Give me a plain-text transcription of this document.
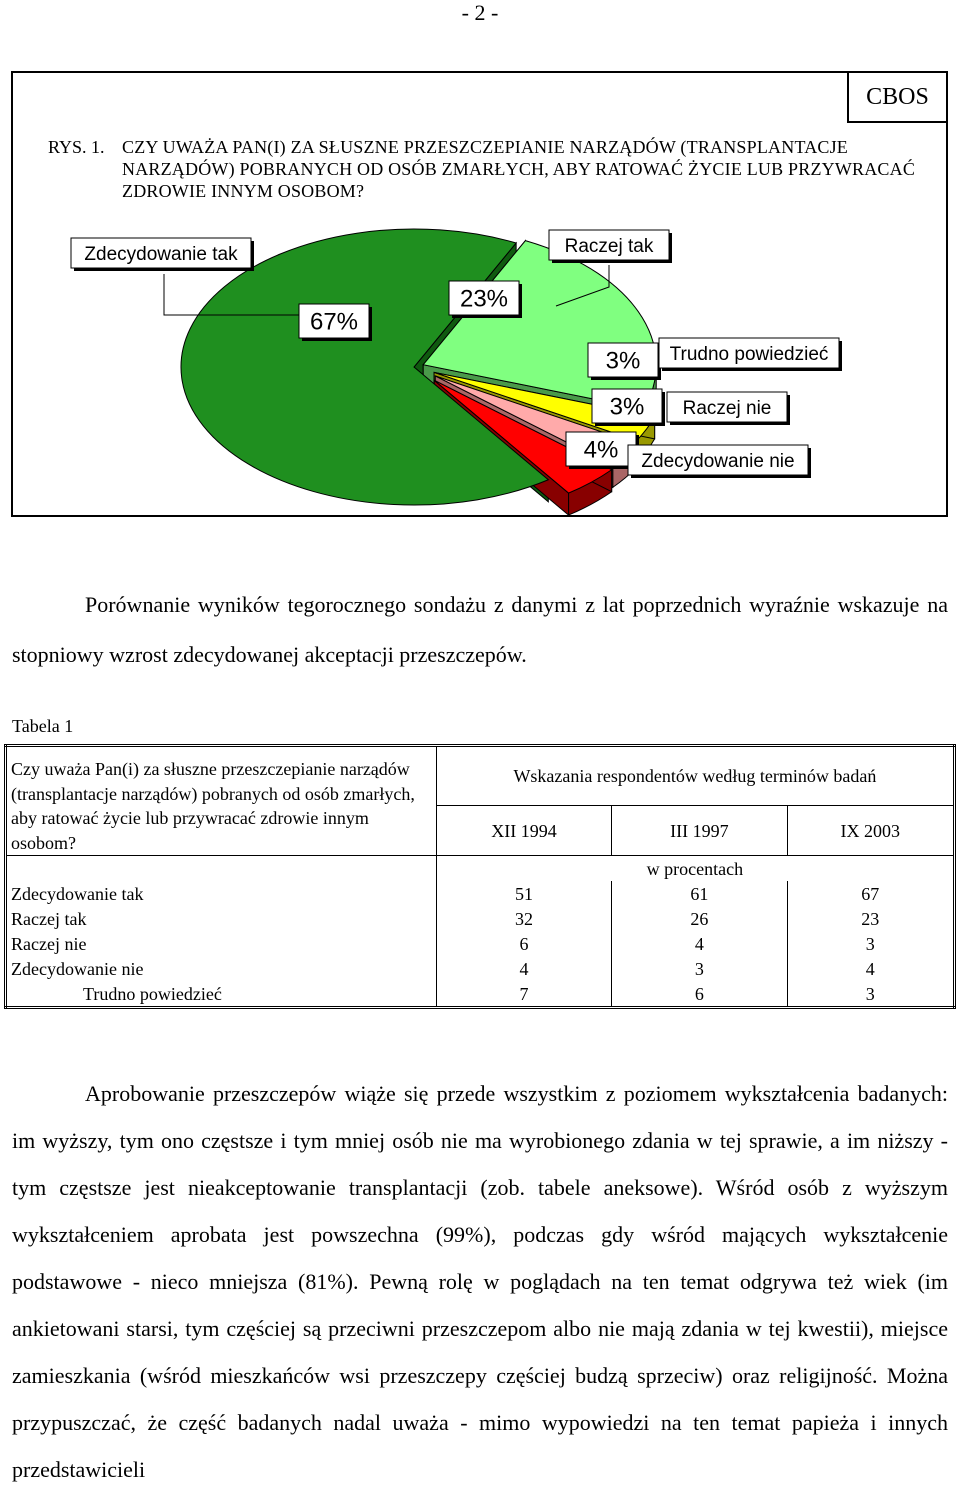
- 2 -
CBOS
RYS. 1. CZY UWAŻA PAN(I) ZA SŁUSZNE PRZESZCZEPIANIE NARZĄDÓW (TRANSPLANTACJE NARZĄDÓW) POBRANYCH OD OSÓB ZMARŁYCH, ABY RATOWAĆ ŻYCIE LUB PRZYWRACAĆ ZDROWIE INNYM OSOBOM?
67%
Zdecydowanie tak
23%
Raczej tak
3% Trudno powiedzieć
3% Raczej nie
4% Zdecydowanie nie
Porównanie wyników tegorocznego sondażu z danymi z lat poprzednich wyraźnie wskazuje na stopniowy wzrost zdecydowanej akceptacji przeszczepów.
Tabela 1
Czy uważa Pan(i) za słuszne przeszczepianie narządów (transplantacje narządów) pobranych od osób zmarłych, aby ratować życie lub przywracać zdrowie innym osobom?	Wskazania respondentów według terminów badań		
	XII 1994	III 1997	IX 2003
	w procentach		
Zdecydowanie tak	51	61	67
Raczej tak	32	26	23
Raczej nie	6	4	3
Zdecydowanie nie	4	3	4
Trudno powiedzieć	7	6	3
Aprobowanie przeszczepów wiąże się przede wszystkim z poziomem wykształcenia badanych: im wyższy, tym ono częstsze i tym mniej osób nie ma wyrobionego zdania w tej sprawie, a im niższy - tym częstsze jest nieakceptowanie transplantacji (zob. tabele aneksowe). Wśród osób z wyższym wykształceniem aprobata jest powszechna (99%), podczas gdy wśród mających wykształcenie podstawowe - nieco mniejsza (81%). Pewną rolę w poglądach na ten temat odgrywa też wiek (im ankietowani starsi, tym częściej są przeciwni przeszczepom albo nie mają zdania w tej kwestii), miejsce zamieszkania (wśród mieszkańców wsi przeszczepy częściej budzą sprzeciw) oraz religijność. Można przypuszczać, że część badanych nadal uważa - mimo wypowiedzi na ten temat papieża i innych przedstawicieli
